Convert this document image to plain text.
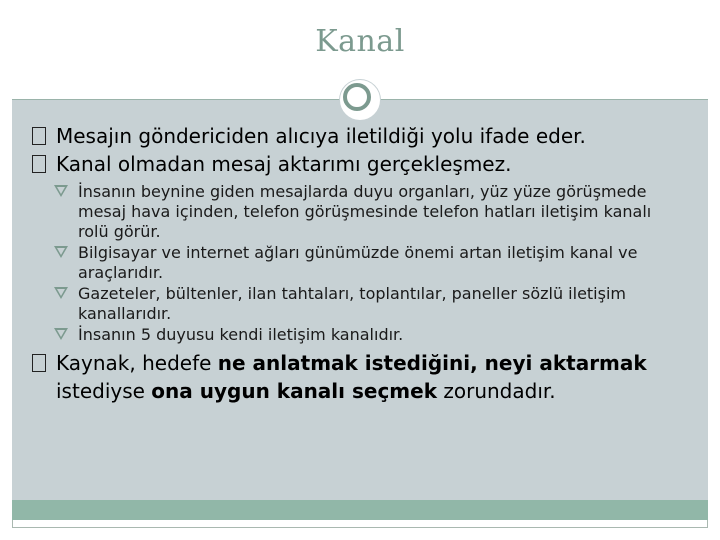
Kanal

Mesajın göndericiden alıcıya iletildiği yolu ifade eder.

Kanal olmadan mesaj aktarımı gerçekleşmez.

İnsanın beynine giden mesajlarda duyu organları, yüz yüze görüşmede mesaj hava içinden, telefon görüşmesinde telefon hatları iletişim kanalı rolü görür.
Bilgisayar ve internet ağları günümüzde önemi artan iletişim kanal ve araçlarıdır.
Gazeteler, bültenler, ilan tahtaları, toplantılar, paneller sözlü iletişim kanallarıdır.
İnsanın 5 duyusu kendi iletişim kanalıdır.

Kaynak, hedefe ne anlatmak istediğini, neyi aktarmak istediyse ona uygun kanalı seçmek zorundadır.
